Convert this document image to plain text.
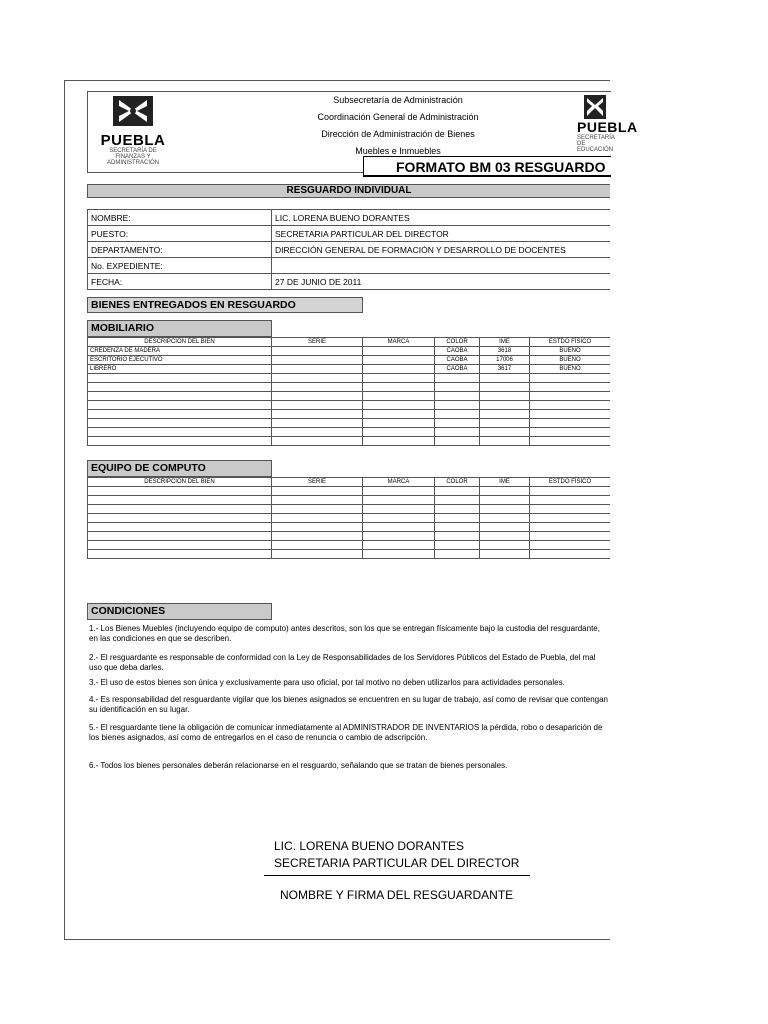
PUEBLA
SECRETARÍA DE
FINANZAS Y
ADMINISTRACIÓN
Subsecretaría de Administración
Coordinación General de Administración
Dirección de Administración de Bienes
Muebles e Inmuebles
PUEBLA
SECRETARÍA DE
EDUCACIÓN
FORMATO BM 03 RESGUARDO
RESGUARDO INDIVIDUAL
NOMBRE:	LIC. LORENA BUENO DORANTES
PUESTO:	SECRETARIA PARTICULAR DEL DIRECTOR
DEPARTAMENTO:	DIRECCIÓN GENERAL DE FORMACIÓN Y DESARROLLO DE DOCENTES
No. EXPEDIENTE:	
FECHA:	27 DE JUNIO DE 2011
BIENES ENTREGADOS EN RESGUARDO
MOBILIARIO
DESCRIPCION DEL BIEN	SERIE	MARCA	COLOR	IME	ESTDO FÍSICO
CREDENZA DE MADERA			CAOBA	3618	BUENO
ESCRITORIO EJECUTIVO			CAOBA	17006	BUENO
LIBRERO			CAOBA	3617	BUENO

EQUIPO DE COMPUTO
DESCRIPCION DEL BIEN	SERIE	MARCA	COLOR	IME	ESTDO FÍSICO

CONDICIONES
1.- Los Bienes Muebles (incluyendo equipo de computo) antes descritos, son los que se entregan físicamente bajo la custodia del resguardante, en las condiciones en que se describen.
2.- El resguardante es responsable de conformidad con la Ley de Responsabilidades de los Servidores Públicos del Estado de Puebla, del mal uso que deba darles.
3.- El uso de estos bienes son única y exclusivamente para uso oficial, por tal motivo no deben utilizarlos para actividades personales.
4.- Es responsabilidad del resguardante vigilar que los bienes asignados se encuentren en su lugar de trabajo, así como de revisar que contengan su identificación en su lugar.
5.- El resguardante tiene la obligación de comunicar inmediatamente al ADMINISTRADOR DE INVENTARIOS la pérdida, robo o desaparición de los bienes asignados, así como de entregarlos en el caso de renuncia o cambio de adscripción.
6.- Todos los bienes personales deberán relacionarse en el resguardo, señalando que se tratan de bienes personales.
LIC. LORENA BUENO DORANTES
SECRETARIA PARTICULAR DEL DIRECTOR
NOMBRE Y FIRMA DEL RESGUARDANTE
